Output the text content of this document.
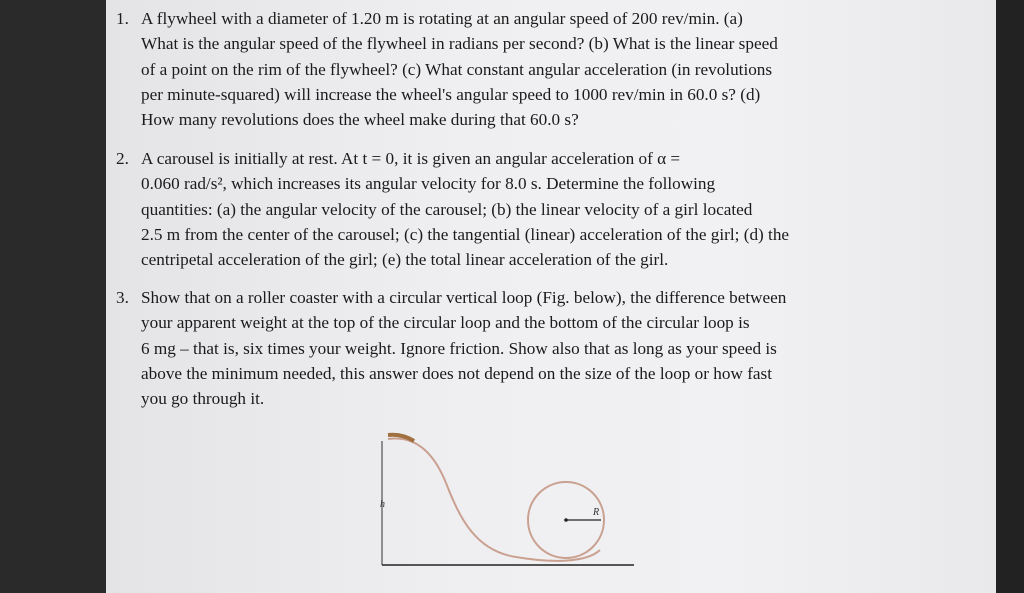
1. A flywheel with a diameter of 1.20 m is rotating at an angular speed of 200 rev/min. (a)
What is the angular speed of the flywheel in radians per second? (b) What is the linear speed
of a point on the rim of the flywheel? (c) What constant angular acceleration (in revolutions
per minute-squared) will increase the wheel's angular speed to 1000 rev/min in 60.0 s? (d)
How many revolutions does the wheel make during that 60.0 s?
2. A carousel is initially at rest. At t = 0, it is given an angular acceleration of α =
0.060 rad/s², which increases its angular velocity for 8.0 s. Determine the following
quantities: (a) the angular velocity of the carousel; (b) the linear velocity of a girl located
2.5 m from the center of the carousel; (c) the tangential (linear) acceleration of the girl; (d) the
centripetal acceleration of the girl; (e) the total linear acceleration of the girl.
3. Show that on a roller coaster with a circular vertical loop (Fig. below), the difference between
your apparent weight at the top of the circular loop and the bottom of the circular loop is
6 mg – that is, six times your weight. Ignore friction. Show also that as long as your speed is
above the minimum needed, this answer does not depend on the size of the loop or how fast
you go through it.
h
R
